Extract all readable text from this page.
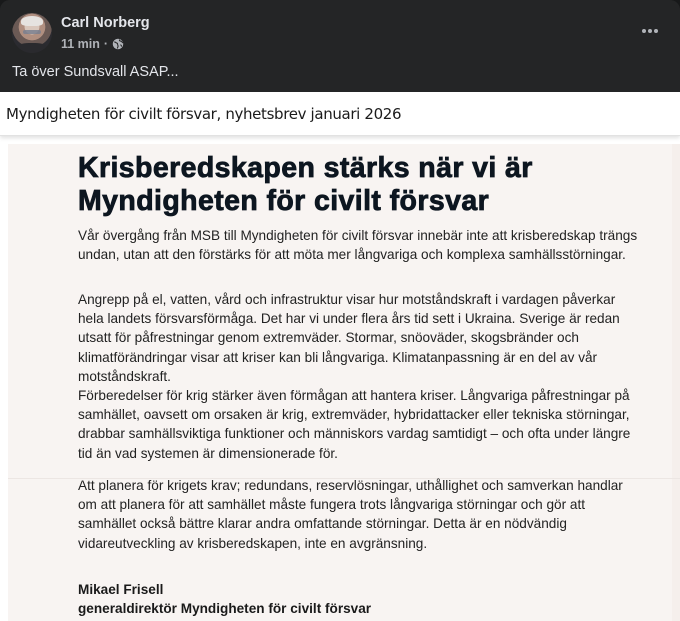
Carl Norberg
11 min ·
Ta över Sundsvall ASAP...
Myndigheten för civilt försvar, nyhetsbrev januari 2026
Krisberedskapen stärks när vi är Myndigheten för civilt försvar

Vår övergång från MSB till Myndigheten för civilt försvar innebär inte att krisberedskap trängs undan, utan att den förstärks för att möta mer långvariga och komplexa samhällsstörningar.

Angrepp på el, vatten, vård och infrastruktur visar hur motståndskraft i vardagen påverkar hela landets försvarsförmåga. Det har vi under flera års tid sett i Ukraina. Sverige är redan utsatt för påfrestningar genom extremväder. Stormar, snöoväder, skogsbränder och klimatförändringar visar att kriser kan bli långvariga. Klimatanpassning är en del av vår motståndskraft.

Förberedelser för krig stärker även förmågan att hantera kriser. Långvariga påfrestningar på samhället, oavsett om orsaken är krig, extremväder, hybridattacker eller tekniska störningar, drabbar samhällsviktiga funktioner och människors vardag samtidigt – och ofta under längre tid än vad systemen är dimensionerade för.

Att planera för krigets krav; redundans, reservlösningar, uthållighet och samverkan handlar om att planera för att samhället måste fungera trots långvariga störningar och gör att samhället också bättre klarar andra omfattande störningar. Detta är en nödvändig vidareutveckling av krisberedskapen, inte en avgränsning.

Mikael Frisell
generaldirektör Myndigheten för civilt försvar
